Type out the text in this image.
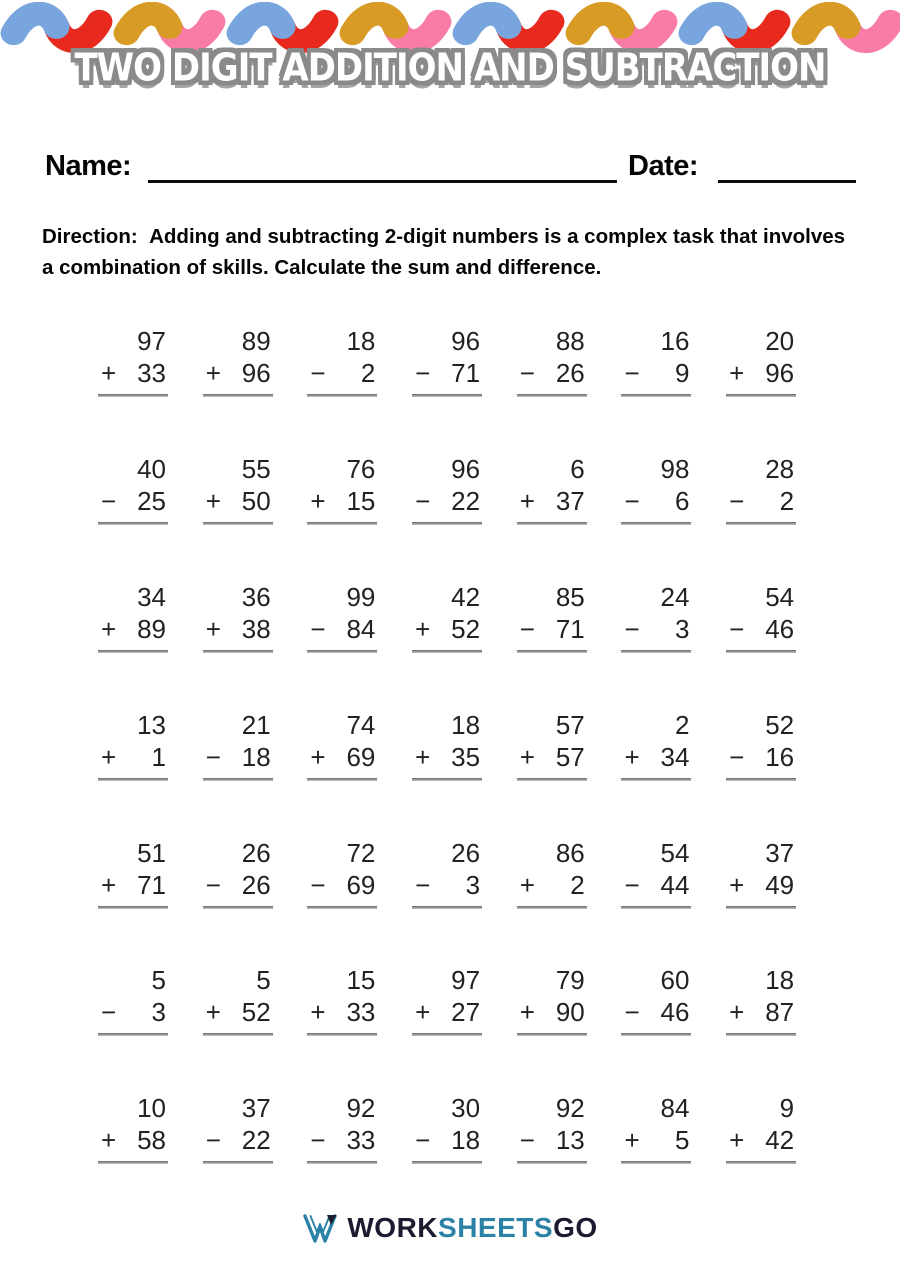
TWO DIGIT ADDITION AND SUBTRACTION
Name:	Date:
Direction: Adding and subtracting 2-digit numbers is a complex task that involves a combination of skills. Calculate the sum and difference.
97
+ 33
89
+ 96
18
− 2
96
− 71
88
− 26
16
− 9
20
+ 96
40
− 25
55
+ 50
76
+ 15
96
− 22
6
+ 37
98
− 6
28
− 2
34
+ 89
36
+ 38
99
− 84
42
+ 52
85
− 71
24
− 3
54
− 46
13
+ 1
21
− 18
74
+ 69
18
+ 35
57
+ 57
2
+ 34
52
− 16
51
+ 71
26
− 26
72
− 69
26
− 3
86
+ 2
54
− 44
37
+ 49
5
− 3
5
+ 52
15
+ 33
97
+ 27
79
+ 90
60
− 46
18
+ 87
10
+ 58
37
− 22
92
− 33
30
− 18
92
− 13
84
+ 5
9
+ 42
WORKSHEETSGO
